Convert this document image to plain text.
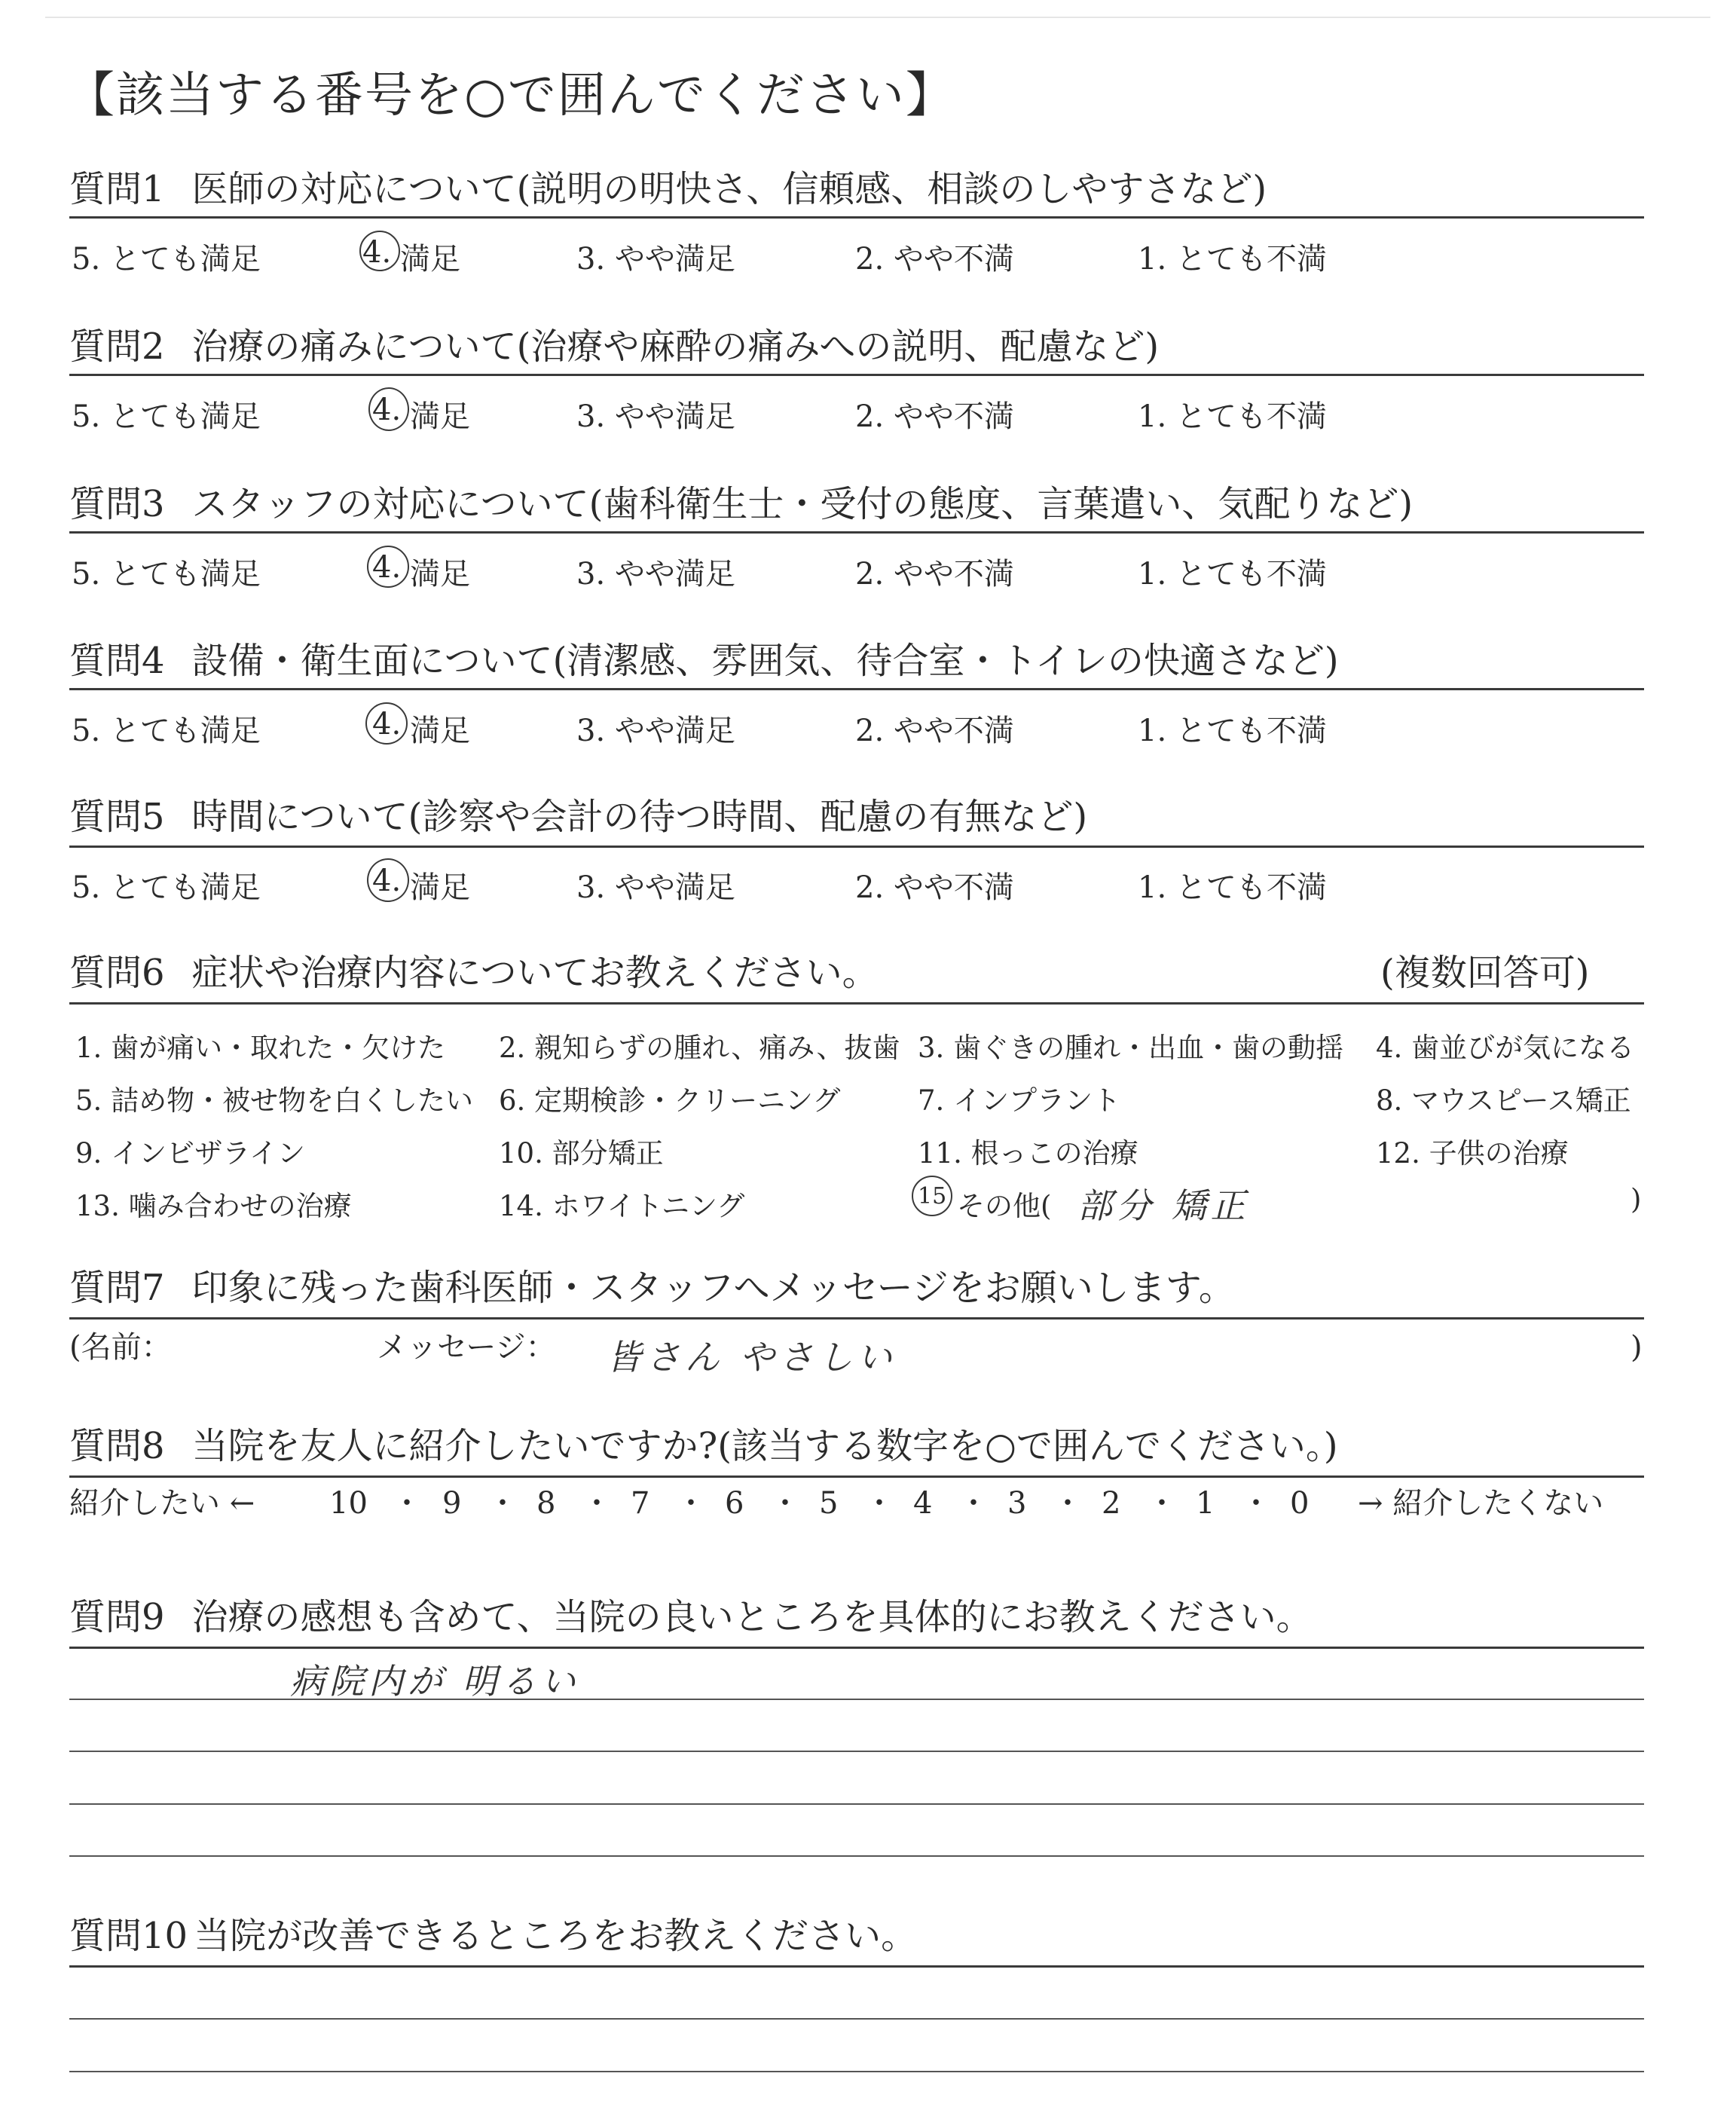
【該当する番号を○で囲んでください】
質問1 医師の対応について(説明の明快さ、信頼感、相談のしやすさなど)
5. とても満足	4. 満足	3. やや満足	2. やや不満	1. とても不満
質問2 治療の痛みについて(治療や麻酔の痛みへの説明、配慮など)
5. とても満足	4. 満足	3. やや満足	2. やや不満	1. とても不満
質問3 スタッフの対応について(歯科衛生士・受付の態度、言葉遣い、気配りなど)
5. とても満足	4. 満足	3. やや満足	2. やや不満	1. とても不満
質問4 設備・衛生面について(清潔感、雰囲気、待合室・トイレの快適さなど)
5. とても満足	4. 満足	3. やや満足	2. やや不満	1. とても不満
質問5 時間について(診察や会計の待つ時間、配慮の有無など)
5. とても満足	4. 満足	3. やや満足	2. やや不満	1. とても不満
質問6 症状や治療内容についてお教えください。	(複数回答可)
1. 歯が痛い・取れた・欠けた 2. 親知らずの腫れ、痛み、抜歯 3. 歯ぐきの腫れ・出血・歯の動揺 4. 歯並びが気になる
5. 詰め物・被せ物を白くしたい 6. 定期検診・クリーニング	7. インプラント	8. マウスピース矯正
9. インビザライン	10. 部分矯正	11. 根っこの治療	12. 子供の治療
13. 噛み合わせの治療	14. ホワイトニング	15 その他( 部分 矯正	)
質問7 印象に残った歯科医師・スタッフへメッセージをお願いします。
(名前：	メッセージ： 皆さん やさしい	)
質問8 当院を友人に紹介したいですか?(該当する数字を○で囲んでください。)
紹介したい ← 10 ・ 9 ・ 8 ・ 7 ・ 6 ・ 5 ・ 4 ・ 3 ・ 2 ・ 1 ・ 0 → 紹介したくない
質問9 治療の感想も含めて、当院の良いところを具体的にお教えください。
病院内が 明るい
質問10 当院が改善できるところをお教えください。
